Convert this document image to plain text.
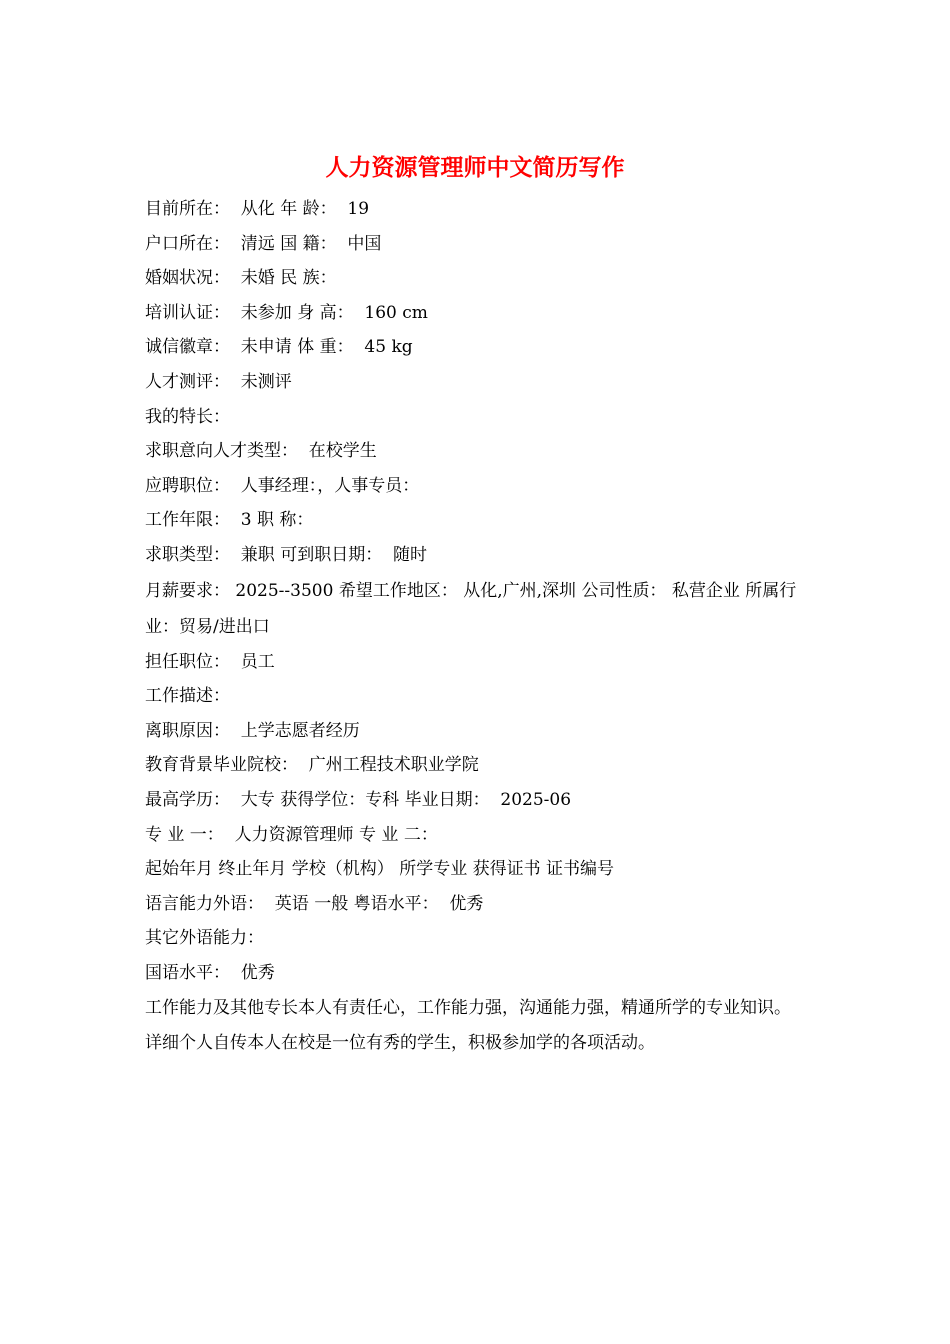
人力资源管理师中文简历写作
目前所在：  从化 年 龄：  19
户口所在：  清远 国 籍：  中国
婚姻状况：  未婚 民 族：
培训认证：  未参加 身 高：  160 cm
诚信徽章：  未申请 体 重：  45 kg
人才测评：  未测评
我的特长：
求职意向人才类型：  在校学生
应聘职位：  人事经理：，人事专员：
工作年限：  3 职 称：
求职类型：  兼职 可到职日期：  随时
月薪要求： 2025--3500 希望工作地区： 从化,广州,深圳 公司性质： 私营企业 所属行业：贸易/进出口
担任职位：  员工
工作描述：
离职原因：  上学志愿者经历
教育背景毕业院校：  广州工程技术职业学院
最高学历：  大专 获得学位：专科 毕业日期：  2025-06
专 业 一：  人力资源管理师 专 业 二：
起始年月 终止年月 学校（机构） 所学专业 获得证书 证书编号
语言能力外语：  英语 一般 粤语水平：  优秀
其它外语能力：
国语水平：  优秀
工作能力及其他专长本人有责任心，工作能力强，沟通能力强，精通所学的专业知识。
详细个人自传本人在校是一位有秀的学生，积极参加学的各项活动。
